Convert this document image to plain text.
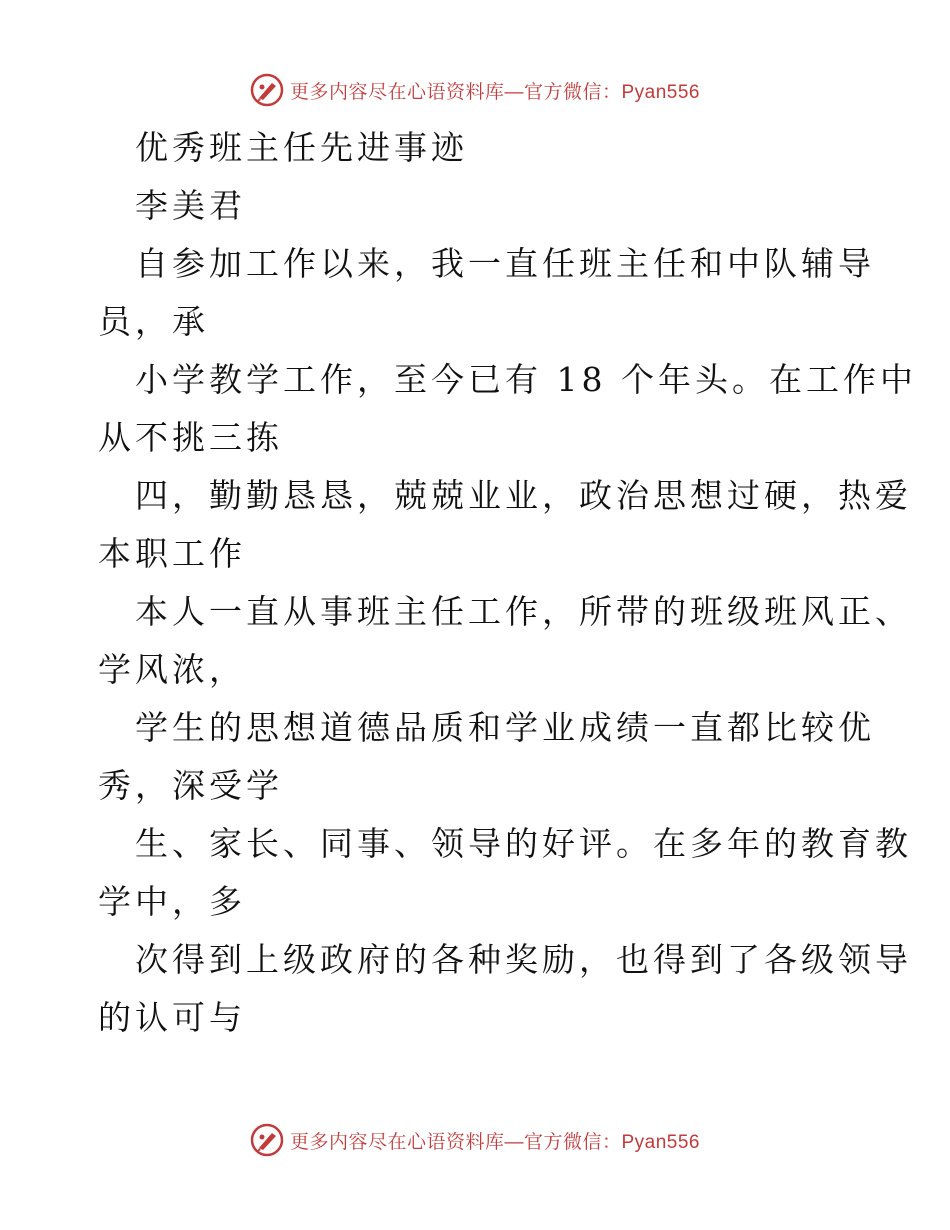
更多内容尽在心语资料库—官方微信：Pyan556
优秀班主任先进事迹
李美君
自参加工作以来，我一直任班主任和中队辅导
员，承
小学教学工作，至今已有 18 个年头。在工作中
从不挑三拣
四，勤勤恳恳，兢兢业业，政治思想过硬，热爱
本职工作
本人一直从事班主任工作，所带的班级班风正、
学风浓，
学生的思想道德品质和学业成绩一直都比较优
秀，深受学
生、家长、同事、领导的好评。在多年的教育教
学中，多
次得到上级政府的各种奖励，也得到了各级领导
的认可与
更多内容尽在心语资料库—官方微信：Pyan556
